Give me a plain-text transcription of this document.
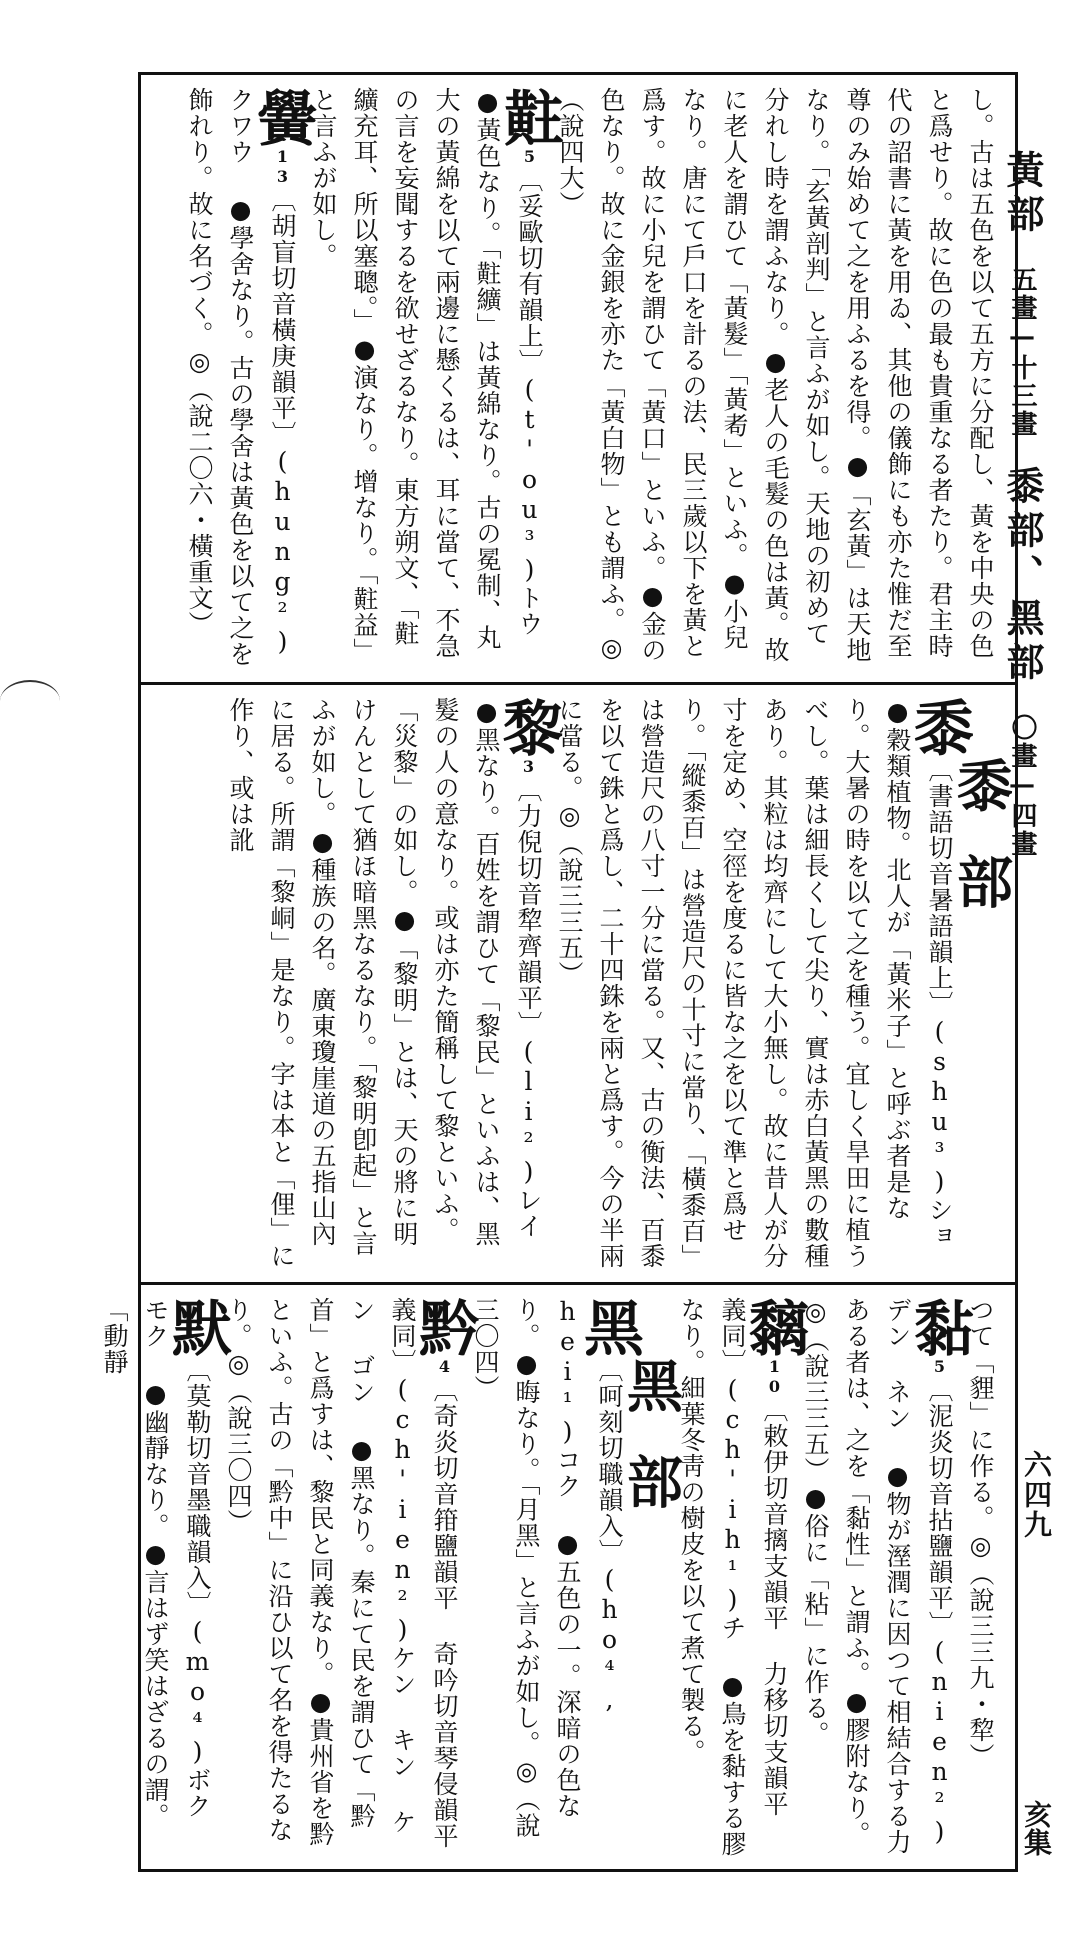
黃部五畫—十三畫黍部、黑部〇畫—四畫
六四九
亥集
し。古は五色を以て五方に分配し、黃を中央の色と爲せり。故に色の最も貴重なる者たり。君主時代の詔書に黃を用ゐ、其他の儀飾にも亦た惟だ至尊のみ始めて之を用ふるを得。●「玄黃」は天地なり。「玄黃剖判」と言ふが如し。天地の初めて分れし時を謂ふなり。●老人の毛髮の色は黃。故に老人を謂ひて「黃髮」「黃耇」といふ。●小兒なり。唐にて戶口を計るの法、民三歲以下を黃と爲す。故に小兒を謂ひて「黃口」といふ。●金の色なり。故に金銀を亦た「黃白物」とも謂ふ。◎（說四大）
黈5〔妥歐切有韻上〕(t'ou³)トウ ●黃色なり。「黈纊」は黃綿なり。古の冕制、丸大の黃綿を以て兩邊に懸くるは、耳に當て、不急の言を妄聞するを欲せざるなり。東方朔文、「黈纊充耳、所以塞聰。」●演なり。增なり。「黈益」と言ふが如し。
黌13〔胡盲切音橫庚韻平〕(hung²)クワウ ●學舍なり。古の學舍は黃色を以て之を飾れり。故に名づく。◎（說二〇六・橫重文）
黍部
黍〔書語切音暑語韻上〕(shu³)ショ ●穀類植物。北人が「黃米子」と呼ぶ者是なり。大暑の時を以て之を種う。宜しく旱田に植うべし。葉は細長くして尖り、實は赤白黃黑の數種あり。其粒は均齊にして大小無し。故に昔人が分寸を定め、空徑を度るに皆な之を以て準と爲せり。「縱黍百」は營造尺の十寸に當り、「橫黍百」は營造尺の八寸一分に當る。又、古の衡法、百黍を以て銖と爲し、二十四銖を兩と爲す。今の半兩に當る。◎（說三三五）
黎3〔力倪切音犂齊韻平〕(li²)レイ ●黑なり。百姓を謂ひて「黎民」といふは、黑髮の人の意なり。或は亦た簡稱して黎といふ。「災黎」の如し。●「黎明」とは、天の將に明けんとして猶ほ暗黑なるなり。「黎明卽起」と言ふが如し。●種族の名。廣東瓊崖道の五指山內に居る。所謂「黎峒」是なり。字は本と「俚」に作り、或は訛
つて「貍」に作る。◎（說三三九・犂）
黏5〔泥炎切音拈鹽韻平〕(nien²)デン ネン ●物が溼潤に因つて相結合する力ある者は、之を「黏性」と謂ふ。●膠附なり。◎（說三三五）●俗に「粘」に作る。
黐10〔敕伊切音摛支韻平 力移切支韻平 義同〕(ch'ih¹)チ ●鳥を黏する膠なり。細葉冬靑の樹皮を以て煮て製る。
黑部
黑〔呵刻切職韻入〕(ho⁴, hei¹)コク ●五色の一。深暗の色なり。●晦なり。「月黑」と言ふが如し。◎（說三〇四）
黔4〔奇炎切音箝鹽韻平 奇吟切音琴侵韻平 義同〕(ch'ien²)ケン キン ケン ゴン ●黑なり。秦にて民を謂ひて「黔首」と爲すは、黎民と同義なり。●貴州省を黔といふ。古の「黔中」に沿ひ以て名を得たるなり。◎（說三〇四）
默〔莫勒切音墨職韻入〕(mo⁴)ボク モク ●幽靜なり。●言はず笑はざるの謂。「動靜
